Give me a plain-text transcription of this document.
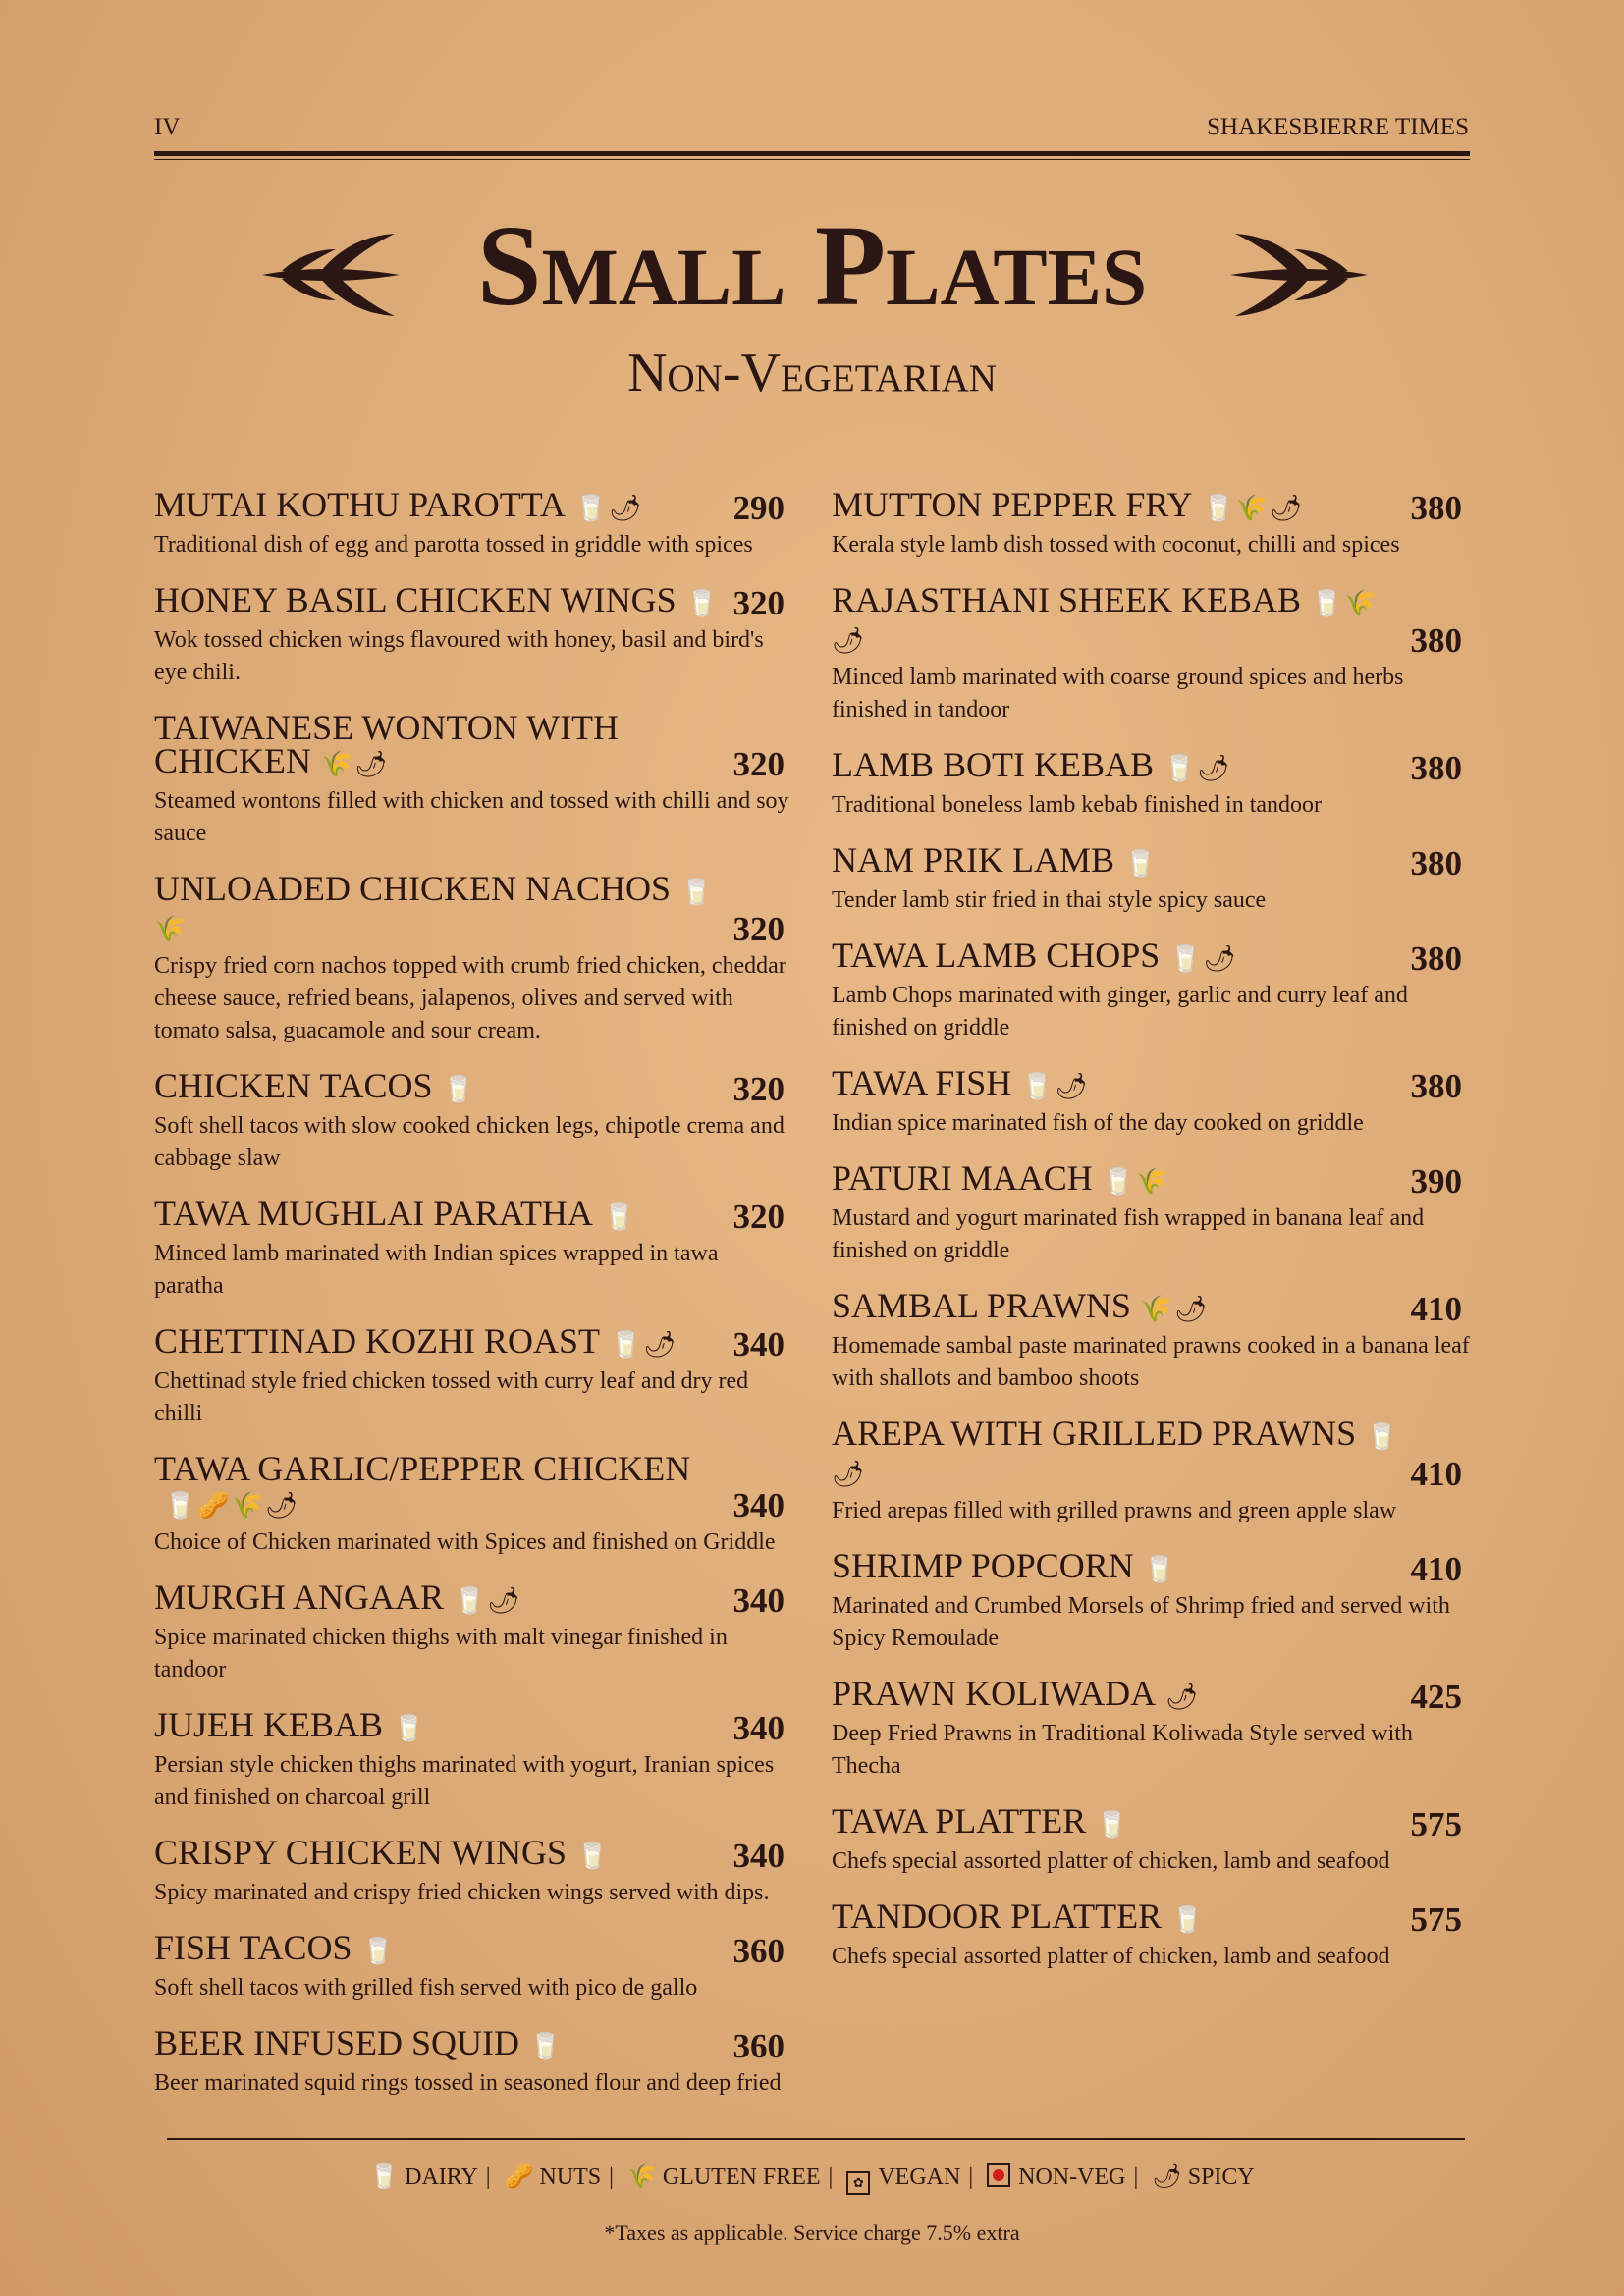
IV	SHAKESBIERRE TIMES
Small Plates
Non-Vegetarian
MUTAI KOTHU PAROTTA 🥛🌶	290
Traditional dish of egg and parotta tossed in griddle with spices
HONEY BASIL CHICKEN WINGS 🥛 320
Wok tossed chicken wings flavoured with honey, basil and bird's eye chili.
TAIWANESE WONTON WITH CHICKEN 🌾🌶	320
Steamed wontons filled with chicken and tossed with chilli and soy sauce
UNLOADED CHICKEN NACHOS 🥛🌾	320
Crispy fried corn nachos topped with crumb fried chicken, cheddar cheese sauce, refried beans, jalapenos, olives and served with tomato salsa, guacamole and sour cream.
CHICKEN TACOS 🥛	320
Soft shell tacos with slow cooked chicken legs, chipotle crema and cabbage slaw
TAWA MUGHLAI PARATHA 🥛	320
Minced lamb marinated with Indian spices wrapped in tawa paratha
CHETTINAD KOZHI ROAST 🥛🌶 340
Chettinad style fried chicken tossed with curry leaf and dry red chilli
TAWA GARLIC/PEPPER CHICKEN🥛🥜🌾🌶	340
Choice of Chicken marinated with Spices and finished on Griddle
MURGH ANGAAR 🥛🌶	340
Spice marinated chicken thighs with malt vinegar finished in tandoor
JUJEH KEBAB 🥛	340
Persian style chicken thighs marinated with yogurt, Iranian spices and finished on charcoal grill
CRISPY CHICKEN WINGS 🥛	340
Spicy marinated and crispy fried chicken wings served with dips.
FISH TACOS 🥛	360
Soft shell tacos with grilled fish served with pico de gallo
BEER INFUSED SQUID 🥛	360
Beer marinated squid rings tossed in seasoned flour and deep fried
MUTTON PEPPER FRY 🥛🌾🌶	380
Kerala style lamb dish tossed with coconut, chilli and spices
RAJASTHANI SHEEK KEBAB 🥛🌾🌶	380
Minced lamb marinated with coarse ground spices and herbs finished in tandoor
LAMB BOTI KEBAB 🥛🌶	380
Traditional boneless lamb kebab finished in tandoor
NAM PRIK LAMB 🥛	380
Tender lamb stir fried in thai style spicy sauce
TAWA LAMB CHOPS 🥛🌶	380
Lamb Chops marinated with ginger, garlic and curry leaf and finished on griddle
TAWA FISH 🥛🌶	380
Indian spice marinated fish of the day cooked on griddle
PATURI MAACH 🥛🌾	390
Mustard and yogurt marinated fish wrapped in banana leaf and finished on griddle
SAMBAL PRAWNS 🌾🌶	410
Homemade sambal paste marinated prawns cooked in a banana leaf with shallots and bamboo shoots
AREPA WITH GRILLED PRAWNS 🥛🌶	410
Fried arepas filled with grilled prawns and green apple slaw
SHRIMP POPCORN 🥛	410
Marinated and Crumbed Morsels of Shrimp fried and served with Spicy Remoulade
PRAWN KOLIWADA 🌶	425
Deep Fried Prawns in Traditional Koliwada Style served with Thecha
TAWA PLATTER 🥛	575
Chefs special assorted platter of chicken, lamb and seafood
TANDOOR PLATTER 🥛	575
Chefs special assorted platter of chicken, lamb and seafood
🥛 DAIRY | 🥜 NUTS | 🌾 GLUTEN FREE | ✿ VEGAN | NON-VEG | 🌶 SPICY
*Taxes as applicable. Service charge 7.5% extra
